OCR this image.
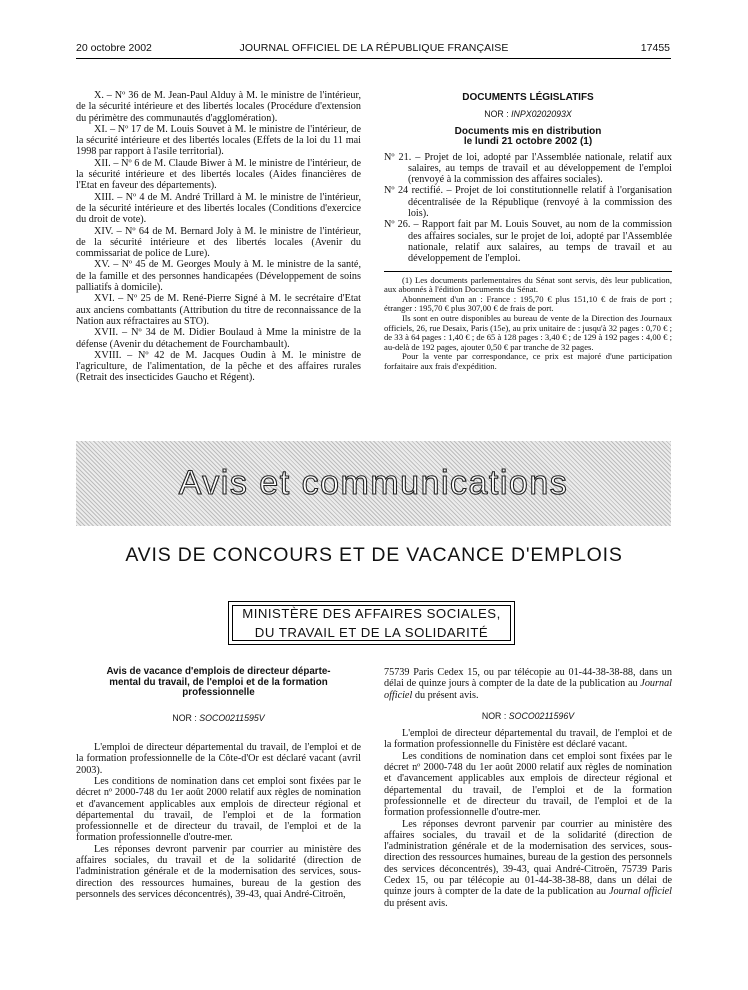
20 octobre 2002	JOURNAL OFFICIEL DE LA RÉPUBLIQUE FRANÇAISE	17455

X. – Nº 36 de M. Jean-Paul Alduy à M. le ministre de l'intérieur, de la sécurité intérieure et des libertés locales (Procédure d'extension du périmètre des communautés d'agglomération).

XI. – Nº 17 de M. Louis Souvet à M. le ministre de l'intérieur, de la sécurité intérieure et des libertés locales (Effets de la loi du 11 mai 1998 par rapport à l'asile territorial).

XII. – Nº 6 de M. Claude Biwer à M. le ministre de l'intérieur, de la sécurité intérieure et des libertés locales (Aides financières de l'Etat en faveur des départements).

XIII. – Nº 4 de M. André Trillard à M. le ministre de l'intérieur, de la sécurité intérieure et des libertés locales (Conditions d'exercice du droit de vote).

XIV. – Nº 64 de M. Bernard Joly à M. le ministre de l'intérieur, de la sécurité intérieure et des libertés locales (Avenir du commissariat de police de Lure).

XV. – Nº 45 de M. Georges Mouly à M. le ministre de la santé, de la famille et des personnes handicapées (Développement de soins palliatifs à domicile).

XVI. – Nº 25 de M. René-Pierre Signé à M. le secrétaire d'Etat aux anciens combattants (Attribution du titre de reconnaissance de la Nation aux réfractaires au STO).

XVII. – Nº 34 de M. Didier Boulaud à Mme la ministre de la défense (Avenir du détachement de Fourchambault).

XVIII. – Nº 42 de M. Jacques Oudin à M. le ministre de l'agriculture, de l'alimentation, de la pêche et des affaires rurales (Retrait des insecticides Gaucho et Régent).

DOCUMENTS LÉGISLATIFS

NOR : INPX0202093X

Documents mis en distribution

le lundi 21 octobre 2002 (1)

Nº 21. – Projet de loi, adopté par l'Assemblée nationale, relatif aux salaires, au temps de travail et au développement de l'emploi (renvoyé à la commission des affaires sociales).

Nº 24 rectifié. – Projet de loi constitutionnelle relatif à l'organisation décentralisée de la République (renvoyé à la commission des lois).

Nº 26. – Rapport fait par M. Louis Souvet, au nom de la commission des affaires sociales, sur le projet de loi, adopté par l'Assemblée nationale, relatif aux salaires, au temps de travail et au développement de l'emploi.

(1) Les documents parlementaires du Sénat sont servis, dès leur publication, aux abonnés à l'édition Documents du Sénat.

Abonnement d'un an : France : 195,70 € plus 151,10 € de frais de port ; étranger : 195,70 € plus 307,00 € de frais de port.

Ils sont en outre disponibles au bureau de vente de la Direction des Journaux officiels, 26, rue Desaix, Paris (15e), au prix unitaire de : jusqu'à 32 pages : 0,70 € ; de 33 à 64 pages : 1,40 € ; de 65 à 128 pages : 3,40 € ; de 129 à 192 pages : 4,00 € ; au-delà de 192 pages, ajouter 0,50 € par tranche de 32 pages.

Pour la vente par correspondance, ce prix est majoré d'une participation forfaitaire aux frais d'expédition.

Avis et communications
AVIS DE CONCOURS ET DE VACANCE D'EMPLOIS
MINISTÈRE DES AFFAIRES SOCIALES,
DU TRAVAIL ET DE LA SOLIDARITÉ

Avis de vacance d'emplois de directeur départe-

mental du travail, de l'emploi et de la formation

professionnelle

NOR : SOCO0211595V

L'emploi de directeur départemental du travail, de l'emploi et de la formation professionnelle de la Côte-d'Or est déclaré vacant (avril 2003).

Les conditions de nomination dans cet emploi sont fixées par le décret nº 2000-748 du 1er août 2000 relatif aux règles de nomination et d'avancement applicables aux emplois de directeur régional et départemental du travail, de l'emploi et de la formation professionnelle et de directeur du travail, de l'emploi et de la formation professionnelle d'outre-mer.

Les réponses devront parvenir par courrier au ministère des affaires sociales, du travail et de la solidarité (direction de l'administration générale et de la modernisation des services, sous-direction des ressources humaines, bureau de la gestion des personnels des services déconcentrés), 39-43, quai André-Citroën,

75739 Paris Cedex 15, ou par télécopie au 01-44-38-38-88, dans un délai de quinze jours à compter de la date de la publication au Journal officiel du présent avis.

NOR : SOCO0211596V

L'emploi de directeur départemental du travail, de l'emploi et de la formation professionnelle du Finistère est déclaré vacant.

Les conditions de nomination dans cet emploi sont fixées par le décret nº 2000-748 du 1er août 2000 relatif aux règles de nomination et d'avancement applicables aux emplois de directeur régional et départemental du travail, de l'emploi et de la formation professionnelle et de directeur du travail, de l'emploi et de la formation professionnelle d'outre-mer.

Les réponses devront parvenir par courrier au ministère des affaires sociales, du travail et de la solidarité (direction de l'administration générale et de la modernisation des services, sous-direction des ressources humaines, bureau de la gestion des personnels des services déconcentrés), 39-43, quai André-Citroën, 75739 Paris Cedex 15, ou par télécopie au 01-44-38-38-88, dans un délai de quinze jours à compter de la date de la publication au Journal officiel du présent avis.
